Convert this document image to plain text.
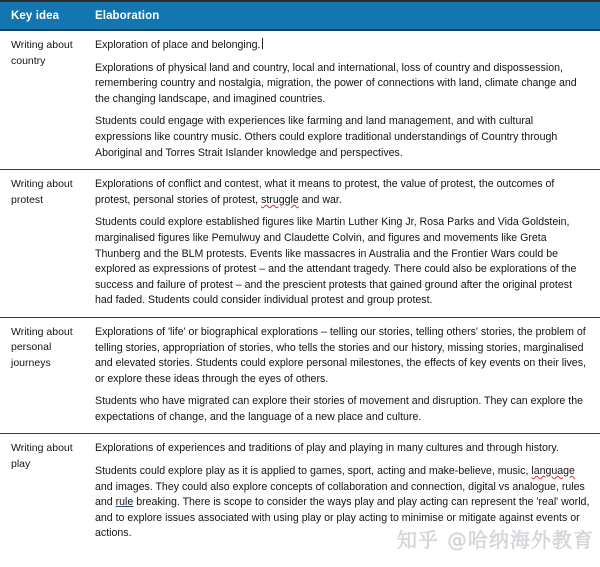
Key idea	Elaboration
Writing about country

Exploration of place and belonging.

Explorations of physical land and country, local and international, loss of country and dispossession, remembering country and nostalgia, migration, the power of connections with land, climate change and the changing landscape, and imagined countries.

Students could engage with experiences like farming and land management, and with cultural expressions like country music. Others could explore traditional understandings of Country through Aboriginal and Torres Strait Islander knowledge and perspectives.

Writing about protest

Explorations of conflict and contest, what it means to protest, the value of protest, the outcomes of protest, personal stories of protest, struggle and war.

Students could explore established figures like Martin Luther King Jr, Rosa Parks and Vida Goldstein, marginalised figures like Pemulwuy and Claudette Colvin, and figures and movements like Greta Thunberg and the BLM protests. Events like massacres in Australia and the Frontier Wars could be explored as expressions of protest – and the attendant tragedy. There could also be explorations of the success and failure of protest – and the prescient protests that gained ground after the original protest had faded. Students could consider individual protest and group protest.

Writing about personal journeys

Explorations of 'life' or biographical explorations – telling our stories, telling others' stories, the problem of telling stories, appropriation of stories, who tells the stories and our history, missing stories, marginalised and elevated stories. Students could explore personal milestones, the effects of key events on their lives, or explore these ideas through the eyes of others.

Students who have migrated can explore their stories of movement and disruption. They can explore the expectations of change, and the language of a new place and culture.

Writing about play

Explorations of experiences and traditions of play and playing in many cultures and through history.

Students could explore play as it is applied to games, sport, acting and make-believe, music, language and images. They could also explore concepts of collaboration and connection, digital vs analogue, rules and rule breaking. There is scope to consider the ways play and play acting can represent the 'real' world, and to explore issues associated with using play or play acting to minimise or mitigate against events or actions.	知乎 @哈纳海外教育
